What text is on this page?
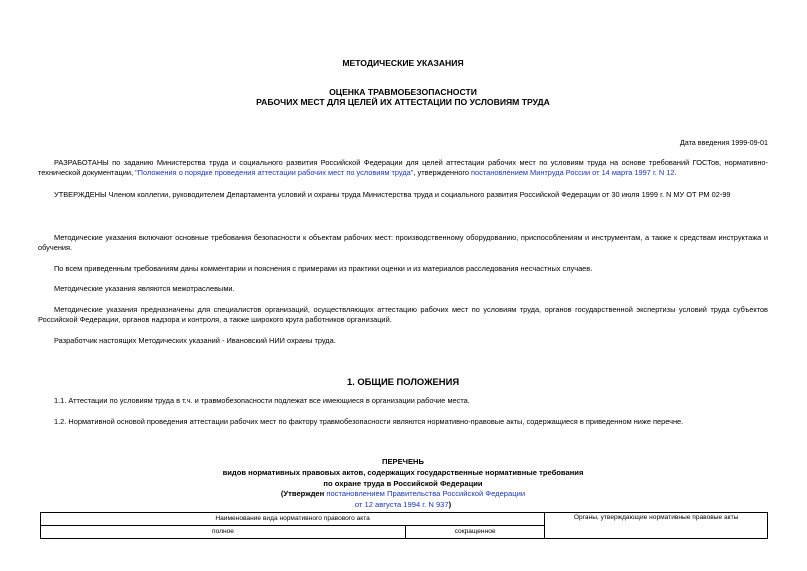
МЕТОДИЧЕСКИЕ УКАЗАНИЯ
ОЦЕНКА ТРАВМОБЕЗОПАСНОСТИ
РАБОЧИХ МЕСТ ДЛЯ ЦЕЛЕЙ ИХ АТТЕСТАЦИИ ПО УСЛОВИЯМ ТРУДА
Дата введения 1999-09-01

РАЗРАБОТАНЫ по заданию Министерства труда и социального развития Российской Федерации для целей аттестации рабочих мест по условиям труда на основе требований ГОСТов, нормативно-технической документации, "Положения о порядке проведения аттестации рабочих мест по условиям труда", утвержденного постановлением Минтруда России от 14 марта 1997 г. N 12.

УТВЕРЖДЕНЫ Членом коллегии, руководителем Департамента условий и охраны труда Министерства труда и социального развития Российской Федерации от 30 июля 1999 г. N МУ ОТ РМ 02-99

Методические указания включают основные требования безопасности к объектам рабочих мест: производственному оборудованию, приспособлениям и инструментам, а также к средствам инструктажа и обучения.

По всем приведенным требованиям даны комментарии и пояснения с примерами из практики оценки и из материалов расследования несчастных случаев.

Методические указания являются межотраслевыми.

Методические указания предназначены для специалистов организаций, осуществляющих аттестацию рабочих мест по условиям труда, органов государственной экспертизы условий труда субъектов Российской Федерации, органов надзора и контроля, а также широкого круга работников организаций.

Разработчик настоящих Методических указаний - Ивановский НИИ охраны труда.

1. ОБЩИЕ ПОЛОЖЕНИЯ

1.1. Аттестации по условиям труда в т.ч. и травмобезопасности подлежат все имеющиеся в организации рабочие места.

1.2. Нормативной основой проведения аттестации рабочих мест по фактору травмобезопасности являются нормативно-правовые акты, содержащиеся в приведенном ниже перечне.

ПЕРЕЧЕНЬ
видов нормативных правовых актов, содержащих государственные нормативные требования
по охране труда в Российской Федерации
(Утвержден постановлением Правительства Российской Федерации
от 12 августа 1994 г. N 937)
Наименование вида нормативного правового акта		Органы, утверждающие нормативные правовые акты
полное	сокращенное	
